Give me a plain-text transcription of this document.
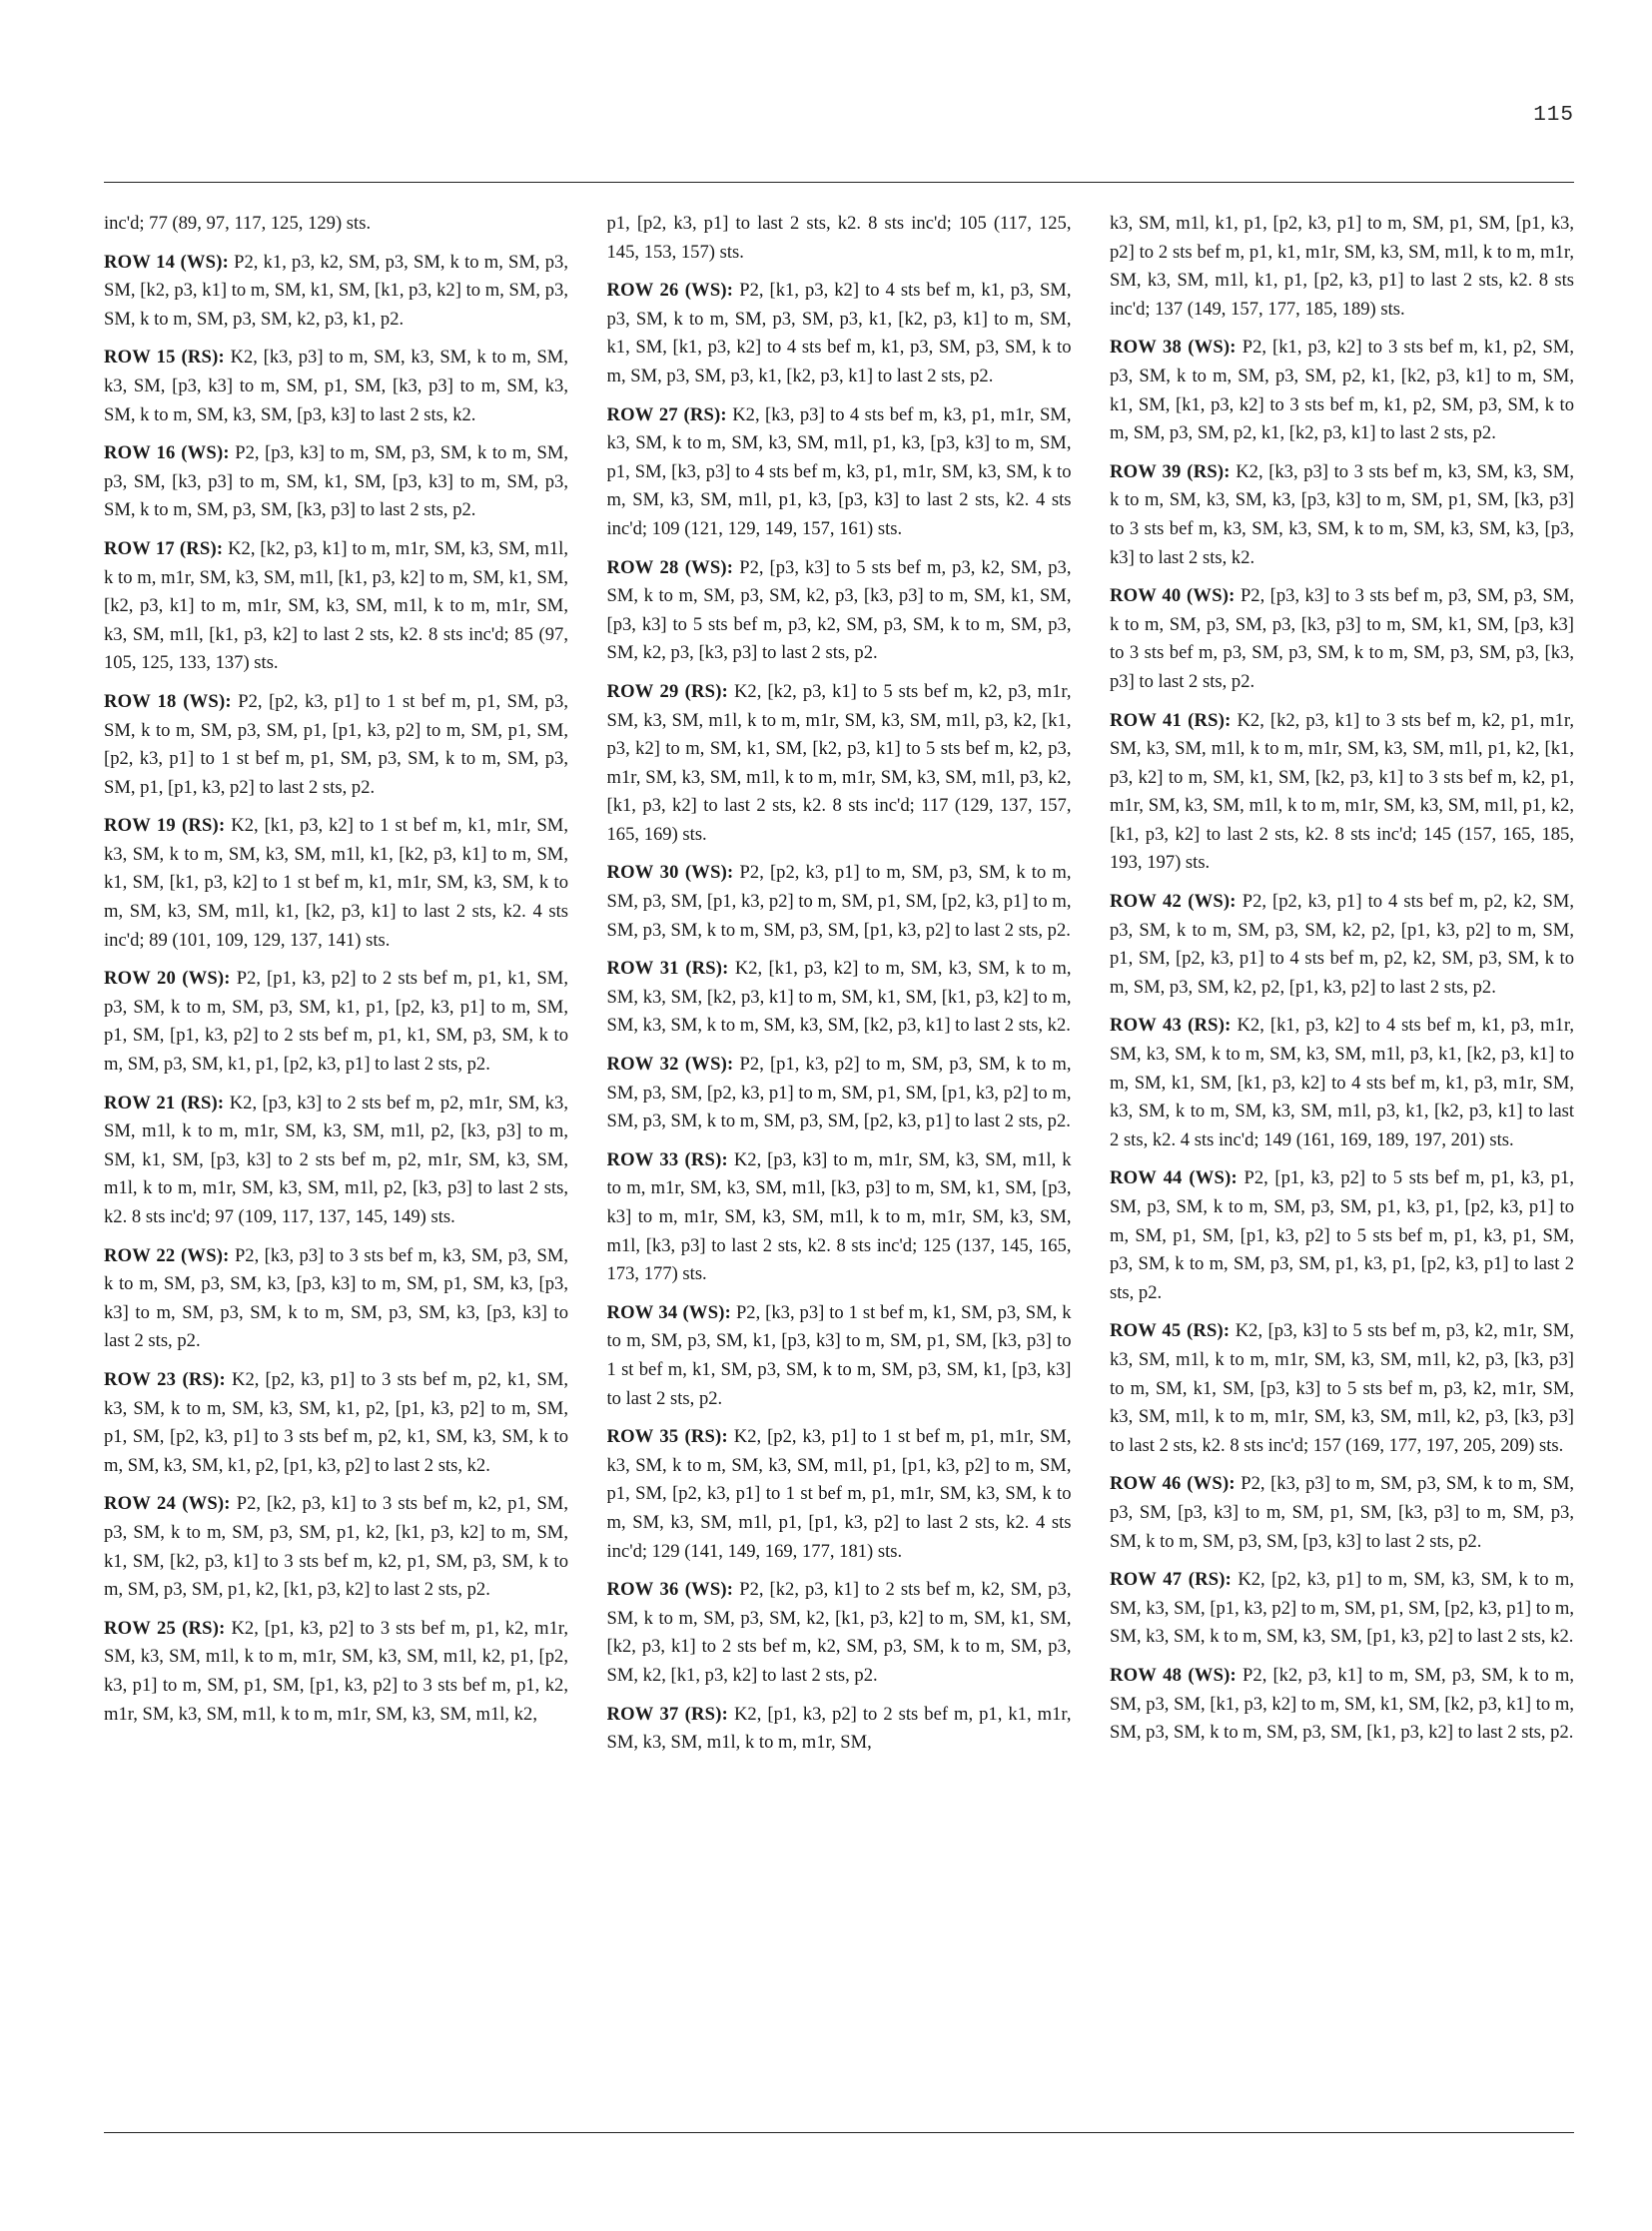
115

inc'd; 77 (89, 97, 117, 125, 129) sts.

ROW 14 (WS): P2, k1, p3, k2, SM, p3, SM, k to m, SM, p3, SM, [k2, p3, k1] to m, SM, k1, SM, [k1, p3, k2] to m, SM, p3, SM, k to m, SM, p3, SM, k2, p3, k1, p2.

ROW 15 (RS): K2, [k3, p3] to m, SM, k3, SM, k to m, SM, k3, SM, [p3, k3] to m, SM, p1, SM, [k3, p3] to m, SM, k3, SM, k to m, SM, k3, SM, [p3, k3] to last 2 sts, k2.

ROW 16 (WS): P2, [p3, k3] to m, SM, p3, SM, k to m, SM, p3, SM, [k3, p3] to m, SM, k1, SM, [p3, k3] to m, SM, p3, SM, k to m, SM, p3, SM, [k3, p3] to last 2 sts, p2.

ROW 17 (RS): K2, [k2, p3, k1] to m, m1r, SM, k3, SM, m1l, k to m, m1r, SM, k3, SM, m1l, [k1, p3, k2] to m, SM, k1, SM, [k2, p3, k1] to m, m1r, SM, k3, SM, m1l, k to m, m1r, SM, k3, SM, m1l, [k1, p3, k2] to last 2 sts, k2. 8 sts inc'd; 85 (97, 105, 125, 133, 137) sts.

ROW 18 (WS): P2, [p2, k3, p1] to 1 st bef m, p1, SM, p3, SM, k to m, SM, p3, SM, p1, [p1, k3, p2] to m, SM, p1, SM, [p2, k3, p1] to 1 st bef m, p1, SM, p3, SM, k to m, SM, p3, SM, p1, [p1, k3, p2] to last 2 sts, p2.

ROW 19 (RS): K2, [k1, p3, k2] to 1 st bef m, k1, m1r, SM, k3, SM, k to m, SM, k3, SM, m1l, k1, [k2, p3, k1] to m, SM, k1, SM, [k1, p3, k2] to 1 st bef m, k1, m1r, SM, k3, SM, k to m, SM, k3, SM, m1l, k1, [k2, p3, k1] to last 2 sts, k2. 4 sts inc'd; 89 (101, 109, 129, 137, 141) sts.

ROW 20 (WS): P2, [p1, k3, p2] to 2 sts bef m, p1, k1, SM, p3, SM, k to m, SM, p3, SM, k1, p1, [p2, k3, p1] to m, SM, p1, SM, [p1, k3, p2] to 2 sts bef m, p1, k1, SM, p3, SM, k to m, SM, p3, SM, k1, p1, [p2, k3, p1] to last 2 sts, p2.

ROW 21 (RS): K2, [p3, k3] to 2 sts bef m, p2, m1r, SM, k3, SM, m1l, k to m, m1r, SM, k3, SM, m1l, p2, [k3, p3] to m, SM, k1, SM, [p3, k3] to 2 sts bef m, p2, m1r, SM, k3, SM, m1l, k to m, m1r, SM, k3, SM, m1l, p2, [k3, p3] to last 2 sts, k2. 8 sts inc'd; 97 (109, 117, 137, 145, 149) sts.

ROW 22 (WS): P2, [k3, p3] to 3 sts bef m, k3, SM, p3, SM, k to m, SM, p3, SM, k3, [p3, k3] to m, SM, p1, SM, k3, [p3, k3] to m, SM, p3, SM, k to m, SM, p3, SM, k3, [p3, k3] to last 2 sts, p2.

ROW 23 (RS): K2, [p2, k3, p1] to 3 sts bef m, p2, k1, SM, k3, SM, k to m, SM, k3, SM, k1, p2, [p1, k3, p2] to m, SM, p1, SM, [p2, k3, p1] to 3 sts bef m, p2, k1, SM, k3, SM, k to m, SM, k3, SM, k1, p2, [p1, k3, p2] to last 2 sts, k2.

ROW 24 (WS): P2, [k2, p3, k1] to 3 sts bef m, k2, p1, SM, p3, SM, k to m, SM, p3, SM, p1, k2, [k1, p3, k2] to m, SM, k1, SM, [k2, p3, k1] to 3 sts bef m, k2, p1, SM, p3, SM, k to m, SM, p3, SM, p1, k2, [k1, p3, k2] to last 2 sts, p2.

ROW 25 (RS): K2, [p1, k3, p2] to 3 sts bef m, p1, k2, m1r, SM, k3, SM, m1l, k to m, m1r, SM, k3, SM, m1l, k2, p1, [p2, k3, p1] to m, SM, p1, SM, [p1, k3, p2] to 3 sts bef m, p1, k2, m1r, SM, k3, SM, m1l, k to m, m1r, SM, k3, SM, m1l, k2,

p1, [p2, k3, p1] to last 2 sts, k2. 8 sts inc'd; 105 (117, 125, 145, 153, 157) sts.

ROW 26 (WS): P2, [k1, p3, k2] to 4 sts bef m, k1, p3, SM, p3, SM, k to m, SM, p3, SM, p3, k1, [k2, p3, k1] to m, SM, k1, SM, [k1, p3, k2] to 4 sts bef m, k1, p3, SM, p3, SM, k to m, SM, p3, SM, p3, k1, [k2, p3, k1] to last 2 sts, p2.

ROW 27 (RS): K2, [k3, p3] to 4 sts bef m, k3, p1, m1r, SM, k3, SM, k to m, SM, k3, SM, m1l, p1, k3, [p3, k3] to m, SM, p1, SM, [k3, p3] to 4 sts bef m, k3, p1, m1r, SM, k3, SM, k to m, SM, k3, SM, m1l, p1, k3, [p3, k3] to last 2 sts, k2. 4 sts inc'd; 109 (121, 129, 149, 157, 161) sts.

ROW 28 (WS): P2, [p3, k3] to 5 sts bef m, p3, k2, SM, p3, SM, k to m, SM, p3, SM, k2, p3, [k3, p3] to m, SM, k1, SM, [p3, k3] to 5 sts bef m, p3, k2, SM, p3, SM, k to m, SM, p3, SM, k2, p3, [k3, p3] to last 2 sts, p2.

ROW 29 (RS): K2, [k2, p3, k1] to 5 sts bef m, k2, p3, m1r, SM, k3, SM, m1l, k to m, m1r, SM, k3, SM, m1l, p3, k2, [k1, p3, k2] to m, SM, k1, SM, [k2, p3, k1] to 5 sts bef m, k2, p3, m1r, SM, k3, SM, m1l, k to m, m1r, SM, k3, SM, m1l, p3, k2, [k1, p3, k2] to last 2 sts, k2. 8 sts inc'd; 117 (129, 137, 157, 165, 169) sts.

ROW 30 (WS): P2, [p2, k3, p1] to m, SM, p3, SM, k to m, SM, p3, SM, [p1, k3, p2] to m, SM, p1, SM, [p2, k3, p1] to m, SM, p3, SM, k to m, SM, p3, SM, [p1, k3, p2] to last 2 sts, p2.

ROW 31 (RS): K2, [k1, p3, k2] to m, SM, k3, SM, k to m, SM, k3, SM, [k2, p3, k1] to m, SM, k1, SM, [k1, p3, k2] to m, SM, k3, SM, k to m, SM, k3, SM, [k2, p3, k1] to last 2 sts, k2.

ROW 32 (WS): P2, [p1, k3, p2] to m, SM, p3, SM, k to m, SM, p3, SM, [p2, k3, p1] to m, SM, p1, SM, [p1, k3, p2] to m, SM, p3, SM, k to m, SM, p3, SM, [p2, k3, p1] to last 2 sts, p2.

ROW 33 (RS): K2, [p3, k3] to m, m1r, SM, k3, SM, m1l, k to m, m1r, SM, k3, SM, m1l, [k3, p3] to m, SM, k1, SM, [p3, k3] to m, m1r, SM, k3, SM, m1l, k to m, m1r, SM, k3, SM, m1l, [k3, p3] to last 2 sts, k2. 8 sts inc'd; 125 (137, 145, 165, 173, 177) sts.

ROW 34 (WS): P2, [k3, p3] to 1 st bef m, k1, SM, p3, SM, k to m, SM, p3, SM, k1, [p3, k3] to m, SM, p1, SM, [k3, p3] to 1 st bef m, k1, SM, p3, SM, k to m, SM, p3, SM, k1, [p3, k3] to last 2 sts, p2.

ROW 35 (RS): K2, [p2, k3, p1] to 1 st bef m, p1, m1r, SM, k3, SM, k to m, SM, k3, SM, m1l, p1, [p1, k3, p2] to m, SM, p1, SM, [p2, k3, p1] to 1 st bef m, p1, m1r, SM, k3, SM, k to m, SM, k3, SM, m1l, p1, [p1, k3, p2] to last 2 sts, k2. 4 sts inc'd; 129 (141, 149, 169, 177, 181) sts.

ROW 36 (WS): P2, [k2, p3, k1] to 2 sts bef m, k2, SM, p3, SM, k to m, SM, p3, SM, k2, [k1, p3, k2] to m, SM, k1, SM, [k2, p3, k1] to 2 sts bef m, k2, SM, p3, SM, k to m, SM, p3, SM, k2, [k1, p3, k2] to last 2 sts, p2.

ROW 37 (RS): K2, [p1, k3, p2] to 2 sts bef m, p1, k1, m1r, SM, k3, SM, m1l, k to m, m1r, SM,

k3, SM, m1l, k1, p1, [p2, k3, p1] to m, SM, p1, SM, [p1, k3, p2] to 2 sts bef m, p1, k1, m1r, SM, k3, SM, m1l, k to m, m1r, SM, k3, SM, m1l, k1, p1, [p2, k3, p1] to last 2 sts, k2. 8 sts inc'd; 137 (149, 157, 177, 185, 189) sts.

ROW 38 (WS): P2, [k1, p3, k2] to 3 sts bef m, k1, p2, SM, p3, SM, k to m, SM, p3, SM, p2, k1, [k2, p3, k1] to m, SM, k1, SM, [k1, p3, k2] to 3 sts bef m, k1, p2, SM, p3, SM, k to m, SM, p3, SM, p2, k1, [k2, p3, k1] to last 2 sts, p2.

ROW 39 (RS): K2, [k3, p3] to 3 sts bef m, k3, SM, k3, SM, k to m, SM, k3, SM, k3, [p3, k3] to m, SM, p1, SM, [k3, p3] to 3 sts bef m, k3, SM, k3, SM, k to m, SM, k3, SM, k3, [p3, k3] to last 2 sts, k2.

ROW 40 (WS): P2, [p3, k3] to 3 sts bef m, p3, SM, p3, SM, k to m, SM, p3, SM, p3, [k3, p3] to m, SM, k1, SM, [p3, k3] to 3 sts bef m, p3, SM, p3, SM, k to m, SM, p3, SM, p3, [k3, p3] to last 2 sts, p2.

ROW 41 (RS): K2, [k2, p3, k1] to 3 sts bef m, k2, p1, m1r, SM, k3, SM, m1l, k to m, m1r, SM, k3, SM, m1l, p1, k2, [k1, p3, k2] to m, SM, k1, SM, [k2, p3, k1] to 3 sts bef m, k2, p1, m1r, SM, k3, SM, m1l, k to m, m1r, SM, k3, SM, m1l, p1, k2, [k1, p3, k2] to last 2 sts, k2. 8 sts inc'd; 145 (157, 165, 185, 193, 197) sts.

ROW 42 (WS): P2, [p2, k3, p1] to 4 sts bef m, p2, k2, SM, p3, SM, k to m, SM, p3, SM, k2, p2, [p1, k3, p2] to m, SM, p1, SM, [p2, k3, p1] to 4 sts bef m, p2, k2, SM, p3, SM, k to m, SM, p3, SM, k2, p2, [p1, k3, p2] to last 2 sts, p2.

ROW 43 (RS): K2, [k1, p3, k2] to 4 sts bef m, k1, p3, m1r, SM, k3, SM, k to m, SM, k3, SM, m1l, p3, k1, [k2, p3, k1] to m, SM, k1, SM, [k1, p3, k2] to 4 sts bef m, k1, p3, m1r, SM, k3, SM, k to m, SM, k3, SM, m1l, p3, k1, [k2, p3, k1] to last 2 sts, k2. 4 sts inc'd; 149 (161, 169, 189, 197, 201) sts.

ROW 44 (WS): P2, [p1, k3, p2] to 5 sts bef m, p1, k3, p1, SM, p3, SM, k to m, SM, p3, SM, p1, k3, p1, [p2, k3, p1] to m, SM, p1, SM, [p1, k3, p2] to 5 sts bef m, p1, k3, p1, SM, p3, SM, k to m, SM, p3, SM, p1, k3, p1, [p2, k3, p1] to last 2 sts, p2.

ROW 45 (RS): K2, [p3, k3] to 5 sts bef m, p3, k2, m1r, SM, k3, SM, m1l, k to m, m1r, SM, k3, SM, m1l, k2, p3, [k3, p3] to m, SM, k1, SM, [p3, k3] to 5 sts bef m, p3, k2, m1r, SM, k3, SM, m1l, k to m, m1r, SM, k3, SM, m1l, k2, p3, [k3, p3] to last 2 sts, k2. 8 sts inc'd; 157 (169, 177, 197, 205, 209) sts.

ROW 46 (WS): P2, [k3, p3] to m, SM, p3, SM, k to m, SM, p3, SM, [p3, k3] to m, SM, p1, SM, [k3, p3] to m, SM, p3, SM, k to m, SM, p3, SM, [p3, k3] to last 2 sts, p2.

ROW 47 (RS): K2, [p2, k3, p1] to m, SM, k3, SM, k to m, SM, k3, SM, [p1, k3, p2] to m, SM, p1, SM, [p2, k3, p1] to m, SM, k3, SM, k to m, SM, k3, SM, [p1, k3, p2] to last 2 sts, k2.

ROW 48 (WS): P2, [k2, p3, k1] to m, SM, p3, SM, k to m, SM, p3, SM, [k1, p3, k2] to m, SM, k1, SM, [k2, p3, k1] to m, SM, p3, SM, k to m, SM, p3, SM, [k1, p3, k2] to last 2 sts, p2.
